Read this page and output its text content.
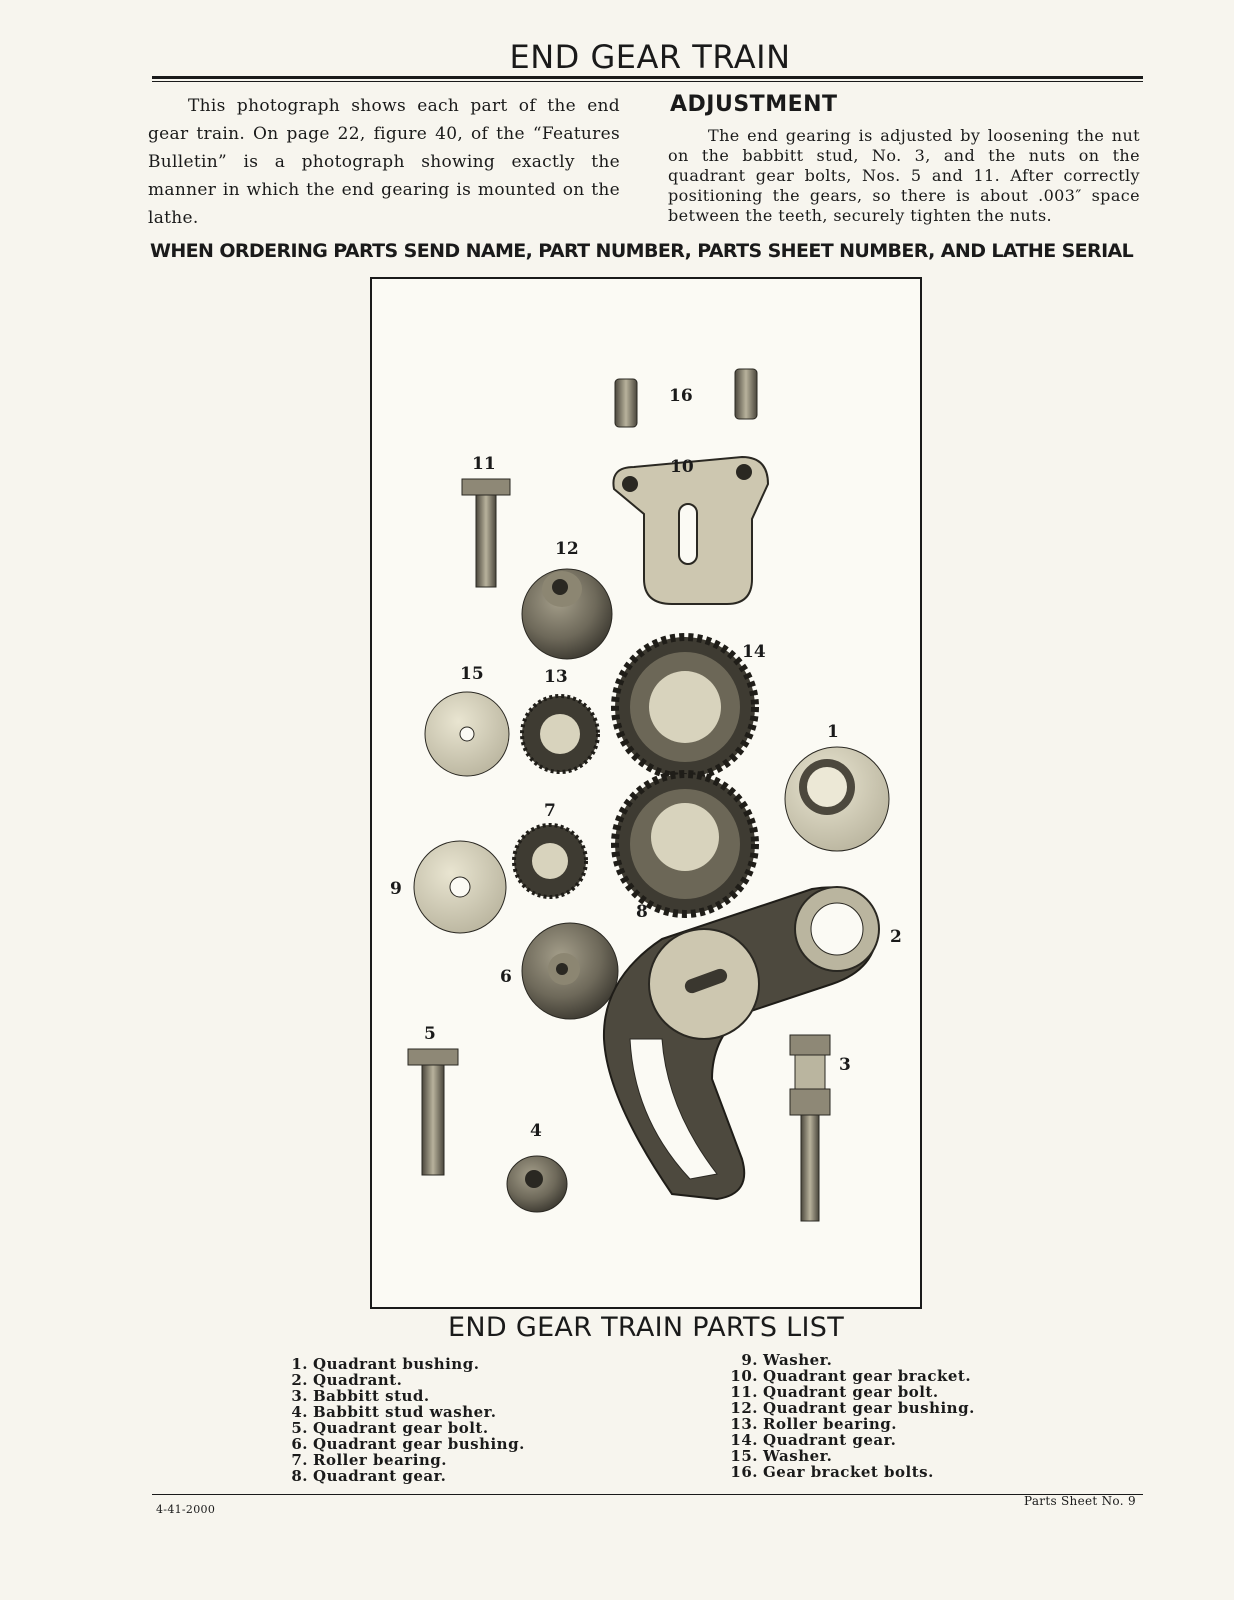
END GEAR TRAIN

This photograph shows each part of the end gear train. On page 22, figure 40, of the “Features Bulletin” is a photograph showing exactly the manner in which the end gearing is mounted on the lathe.

ADJUSTMENT

The end gearing is adjusted by loosening the nut on the babbitt stud, No. 3, and the nuts on the quadrant gear bolts, Nos. 5 and 11. After correctly positioning the gears, so there is about .003″ space between the teeth, securely tighten the nuts.

WHEN ORDERING PARTS SEND NAME, PART NUMBER, PARTS SHEET NUMBER, AND LATHE SERIAL
16
10
11
12
14
15	13
1
7
9
8
2
6
5
3
4
END GEAR TRAIN PARTS LIST
1. Quadrant bushing.
2. Quadrant.
3. Babbitt stud.
4. Babbitt stud washer.
5. Quadrant gear bolt.
6. Quadrant gear bushing.
7. Roller bearing.
8. Quadrant gear.
9. Washer.
10. Quadrant gear bracket.
11. Quadrant gear bolt.
12. Quadrant gear bushing.
13. Roller bearing.
14. Quadrant gear.
15. Washer.
16. Gear bracket bolts.
4-41-2000
Parts Sheet No. 9
